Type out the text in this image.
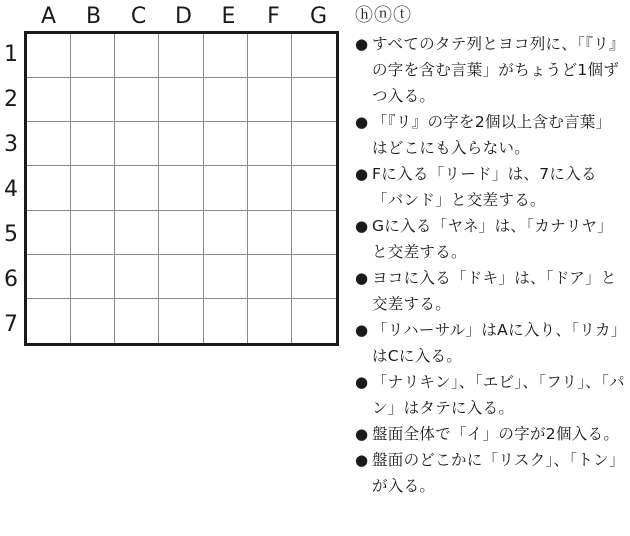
A	B	C	D	E	F	G
1
2
3
4
5
6
7
ⓗⓝⓣ
● すべてのタテ列とヨコ列に、「『リ』の字を含む言葉」がちょうど1個ずつ入る。
● 「『リ』の字を2個以上含む言葉」はどこにも入らない。
● Fに入る「リード」は、7に入る「バンド」と交差する。
● Gに入る「ヤネ」は、「カナリヤ」と交差する。
● ヨコに入る「ドキ」は、「ドア」と交差する。
● 「リハーサル」はAに入り、「リカ」はCに入る。
● 「ナリキン」、「エビ」、「フリ」、「パン」はタテに入る。
● 盤面全体で「イ」の字が2個入る。
● 盤面のどこかに「リスク」、「トン」が入る。
